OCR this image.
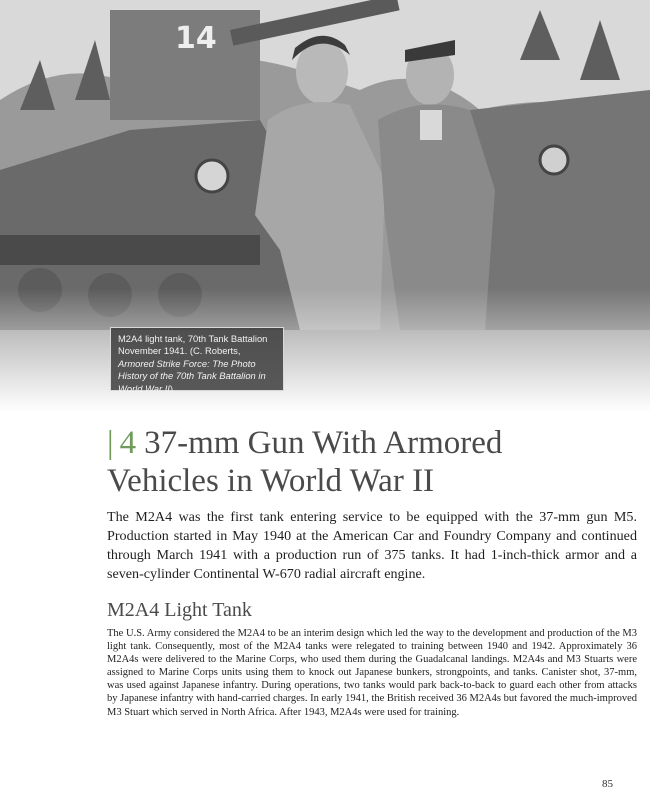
14
M2A4 light tank, 70th Tank Battalion November 1941. (C. Roberts, Armored Strike Force: The Photo History of the 70th Tank Battalion in World War II)
| 4 37-mm Gun With Armored Vehicles in World War II

The M2A4 was the first tank entering service to be equipped with the 37-mm gun M5. Production started in May 1940 at the American Car and Foundry Company and continued through March 1941 with a production run of 375 tanks. It had 1-inch-thick armor and a seven-cylinder Continental W-670 radial aircraft engine.

M2A4 Light Tank

The U.S. Army considered the M2A4 to be an interim design which led the way to the development and production of the M3 light tank. Consequently, most of the M2A4 tanks were relegated to training between 1940 and 1942. Approximately 36 M2A4s were delivered to the Marine Corps, who used them during the Guadalcanal landings. M2A4s and M3 Stuarts were assigned to Marine Corps units using them to knock out Japanese bunkers, strongpoints, and tanks. Canister shot, 37-mm, was used against Japanese infantry. During operations, two tanks would park back-to-back to guard each other from attacks by Japanese infantry with hand-carried charges. In early 1941, the British received 36 M2A4s but favored the much-improved M3 Stuart which served in North Africa. After 1943, M2A4s were used for training.

85
